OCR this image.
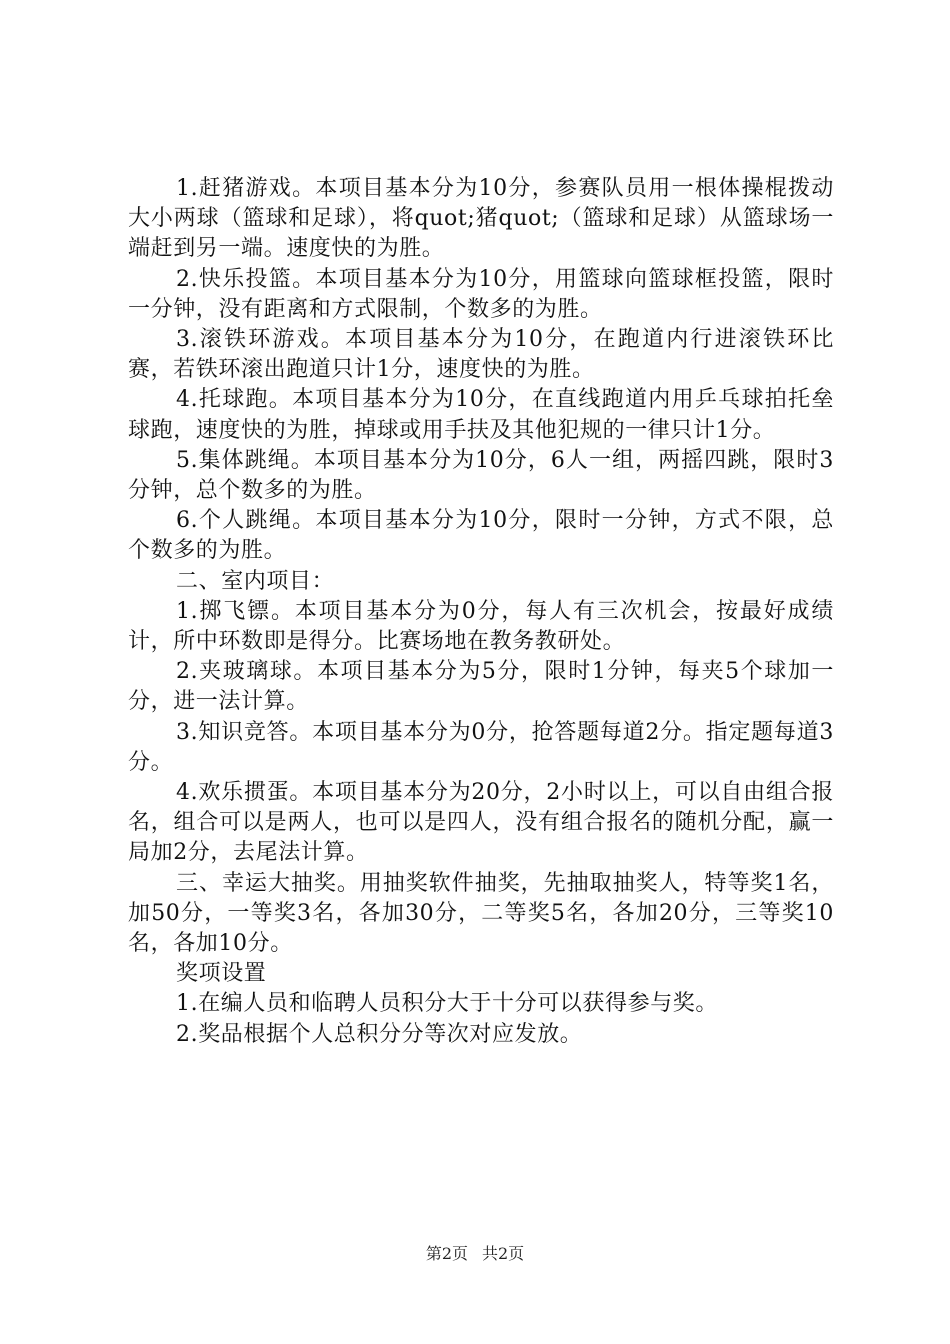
1.赶猪游戏。本项目基本分为10分，参赛队员用一根体操棍拨动大小两球（篮球和足球），将quot;猪quot;（篮球和足球）从篮球场一端赶到另一端。速度快的为胜。

2.快乐投篮。本项目基本分为10分，用篮球向篮球框投篮，限时一分钟，没有距离和方式限制，个数多的为胜。

3.滚铁环游戏。本项目基本分为10分，在跑道内行进滚铁环比赛，若铁环滚出跑道只计1分，速度快的为胜。

4.托球跑。本项目基本分为10分，在直线跑道内用乒乓球拍托垒球跑，速度快的为胜，掉球或用手扶及其他犯规的一律只计1分。

5.集体跳绳。本项目基本分为10分，6人一组，两摇四跳，限时3分钟，总个数多的为胜。

6.个人跳绳。本项目基本分为10分，限时一分钟，方式不限，总个数多的为胜。

二、室内项目：

1.掷飞镖。本项目基本分为0分，每人有三次机会，按最好成绩计，所中环数即是得分。比赛场地在教务教研处。

2.夹玻璃球。本项目基本分为5分，限时1分钟，每夹5个球加一分，进一法计算。

3.知识竞答。本项目基本分为0分，抢答题每道2分。指定题每道3分。

4.欢乐掼蛋。本项目基本分为20分，2小时以上，可以自由组合报名，组合可以是两人，也可以是四人，没有组合报名的随机分配，赢一局加2分，去尾法计算。

三、幸运大抽奖。用抽奖软件抽奖，先抽取抽奖人，特等奖1名，加50分，一等奖3名，各加30分，二等奖5名，各加20分，三等奖10名，各加10分。

奖项设置

1.在编人员和临聘人员积分大于十分可以获得参与奖。

2.奖品根据个人总积分分等次对应发放。

第2页 共2页
